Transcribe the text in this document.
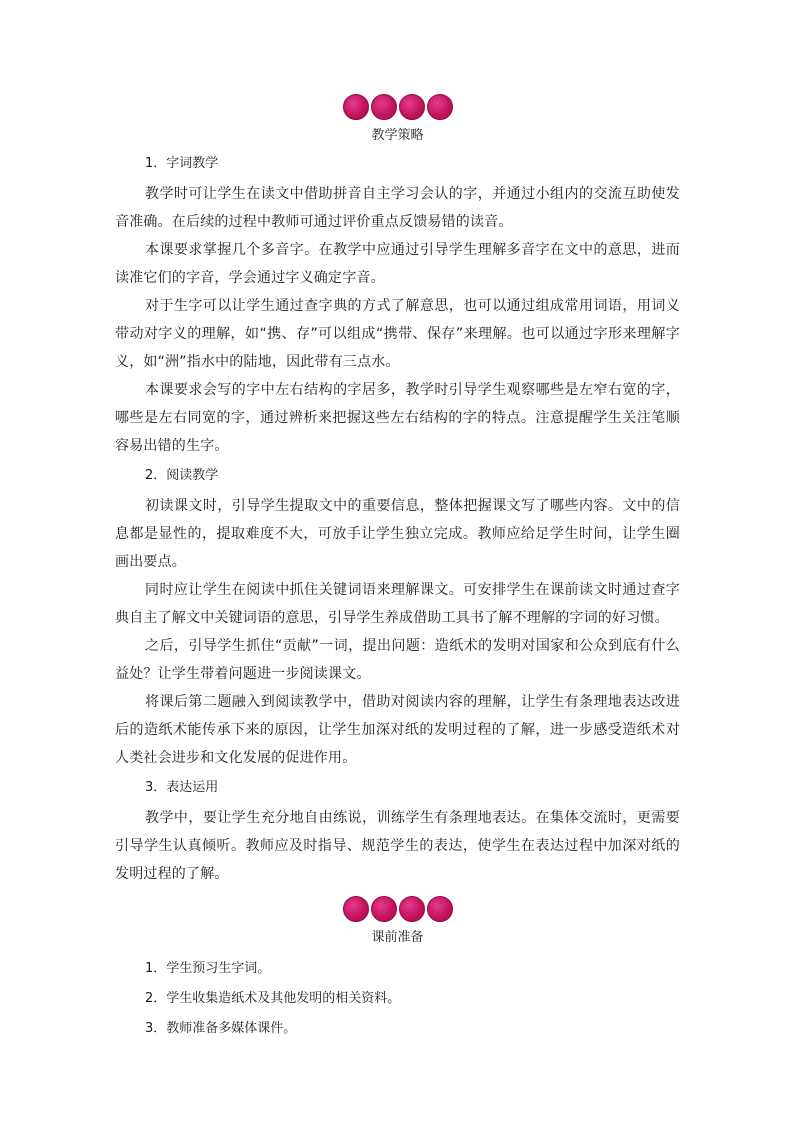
教学策略
1．字词教学

教学时可让学生在读文中借助拼音自主学习会认的字，并通过小组内的交流互助使发音准确。在后续的过程中教师可通过评价重点反馈易错的读音。

本课要求掌握几个多音字。在教学中应通过引导学生理解多音字在文中的意思，进而读准它们的字音，学会通过字义确定字音。

对于生字可以让学生通过查字典的方式了解意思，也可以通过组成常用词语，用词义带动对字义的理解，如“携、存”可以组成“携带、保存”来理解。也可以通过字形来理解字义，如“洲”指水中的陆地，因此带有三点水。

本课要求会写的字中左右结构的字居多，教学时引导学生观察哪些是左窄右宽的字，哪些是左右同宽的字，通过辨析来把握这些左右结构的字的特点。注意提醒学生关注笔顺容易出错的生字。

2．阅读教学

初读课文时，引导学生提取文中的重要信息，整体把握课文写了哪些内容。文中的信息都是显性的，提取难度不大，可放手让学生独立完成。教师应给足学生时间，让学生圈画出要点。

同时应让学生在阅读中抓住关键词语来理解课文。可安排学生在课前读文时通过查字典自主了解文中关键词语的意思，引导学生养成借助工具书了解不理解的字词的好习惯。

之后，引导学生抓住“贡献”一词，提出问题：造纸术的发明对国家和公众到底有什么益处？让学生带着问题进一步阅读课文。

将课后第二题融入到阅读教学中，借助对阅读内容的理解，让学生有条理地表达改进后的造纸术能传承下来的原因，让学生加深对纸的发明过程的了解，进一步感受造纸术对人类社会进步和文化发展的促进作用。

3．表达运用

教学中，要让学生充分地自由练说，训练学生有条理地表达。在集体交流时，更需要引导学生认真倾听。教师应及时指导、规范学生的表达，使学生在表达过程中加深对纸的发明过程的了解。

课前准备
1．学生预习生字词。
2．学生收集造纸术及其他发明的相关资料。
3．教师准备多媒体课件。
